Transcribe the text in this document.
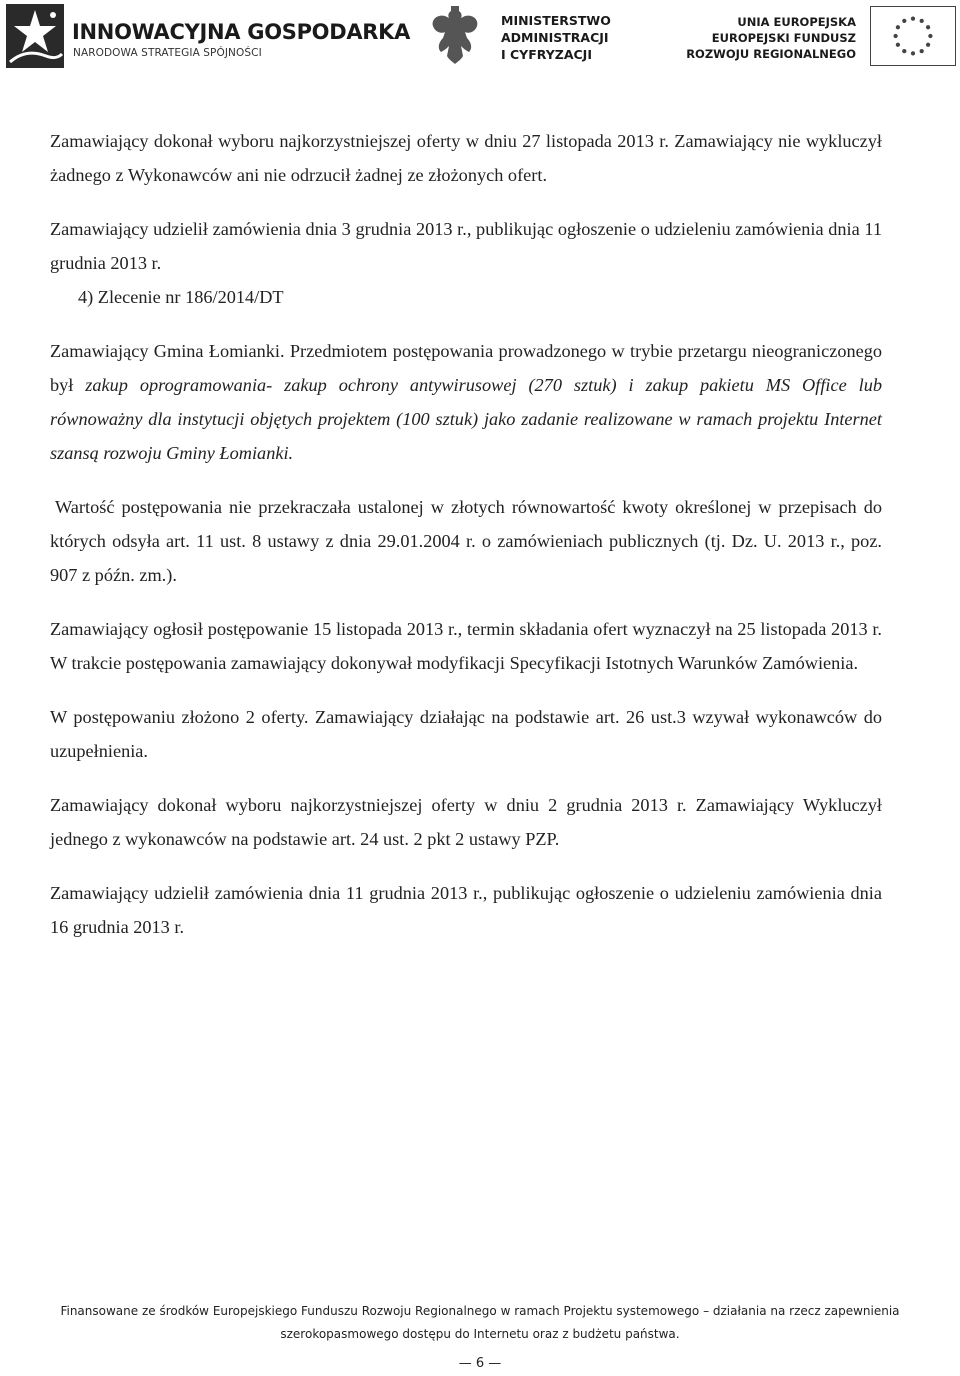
INNOWACYJNA GOSPODARKA
NARODOWA STRATEGIA SPÓJNOŚCI
MINISTERSTWO
ADMINISTRACJI
I CYFRYZACJI
UNIA EUROPEJSKA
EUROPEJSKI FUNDUSZ
ROZWOJU REGIONALNEGO

Zamawiający dokonał wyboru najkorzystniejszej oferty w dniu 27 listopada 2013 r. Zamawiający nie wykluczył żadnego z Wykonawców ani nie odrzucił żadnej ze złożonych ofert.

Zamawiający udzielił zamówienia dnia 3 grudnia 2013 r., publikując ogłoszenie o udzieleniu zamówienia dnia 11 grudnia 2013 r.

4) Zlecenie nr 186/2014/DT

Zamawiający Gmina Łomianki. Przedmiotem postępowania prowadzonego w trybie przetargu nieograniczonego był zakup oprogramowania- zakup ochrony antywirusowej (270 sztuk) i zakup pakietu MS Office lub równoważny dla instytucji objętych projektem (100 sztuk) jako zadanie realizowane w ramach projektu Internet szansą rozwoju Gminy Łomianki.

Wartość postępowania nie przekraczała ustalonej w złotych równowartość kwoty określonej w przepisach do których odsyła art. 11 ust. 8 ustawy z dnia 29.01.2004 r. o zamówieniach publicznych (tj. Dz. U. 2013 r., poz. 907 z późn. zm.).

Zamawiający ogłosił postępowanie 15 listopada 2013 r., termin składania ofert wyznaczył na 25 listopada 2013 r. W trakcie postępowania zamawiający dokonywał modyfikacji Specyfikacji Istotnych Warunków Zamówienia.

W postępowaniu złożono 2 oferty. Zamawiający działając na podstawie art. 26 ust.3 wzywał wykonawców do uzupełnienia.

Zamawiający dokonał wyboru najkorzystniejszej oferty w dniu 2 grudnia 2013 r. Zamawiający Wykluczył jednego z wykonawców na podstawie art. 24 ust. 2 pkt 2 ustawy PZP.

Zamawiający udzielił zamówienia dnia 11 grudnia 2013 r., publikując ogłoszenie o udzieleniu zamówienia dnia 16 grudnia 2013 r.

Finansowane ze środków Europejskiego Funduszu Rozwoju Regionalnego w ramach Projektu systemowego – działania na rzecz zapewnienia
szerokopasmowego dostępu do Internetu oraz z budżetu państwa.
— 6 —
